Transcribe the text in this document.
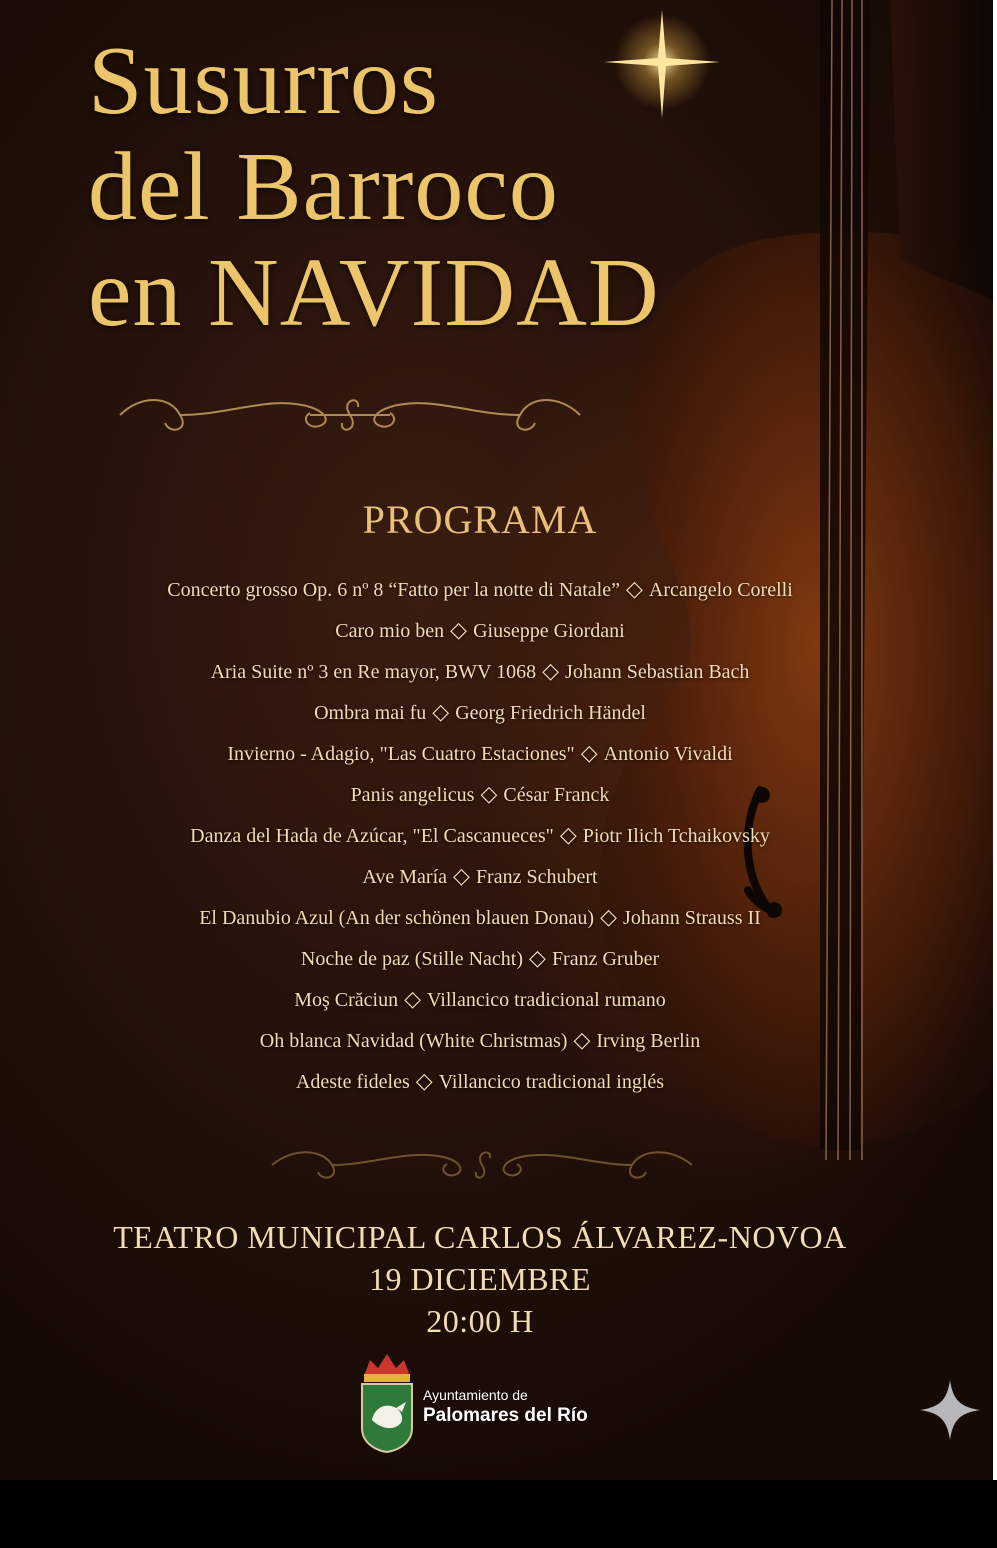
Susurros
del Barroco
en NAVIDAD
PROGRAMA
Concerto grosso Op. 6 nº 8 “Fatto per la notte di Natale” ◇ Arcangelo Corelli
Caro mio ben ◇ Giuseppe Giordani
Aria Suite nº 3 en Re mayor, BWV 1068 ◇ Johann Sebastian Bach
Ombra mai fu ◇ Georg Friedrich Händel
Invierno - Adagio, "Las Cuatro Estaciones" ◇ Antonio Vivaldi
Panis angelicus ◇ César Franck
Danza del Hada de Azúcar, "El Cascanueces" ◇ Piotr Ilich Tchaikovsky
Ave María ◇ Franz Schubert
El Danubio Azul (An der schönen blauen Donau) ◇ Johann Strauss II
Noche de paz (Stille Nacht) ◇ Franz Gruber
Moş Crăciun ◇ Villancico tradicional rumano
Oh blanca Navidad (White Christmas) ◇ Irving Berlin
Adeste fideles ◇ Villancico tradicional inglés
TEATRO MUNICIPAL CARLOS ÁLVAREZ-NOVOA
19 DICIEMBRE
20:00 H
Ayuntamiento de
Palomares del Río
